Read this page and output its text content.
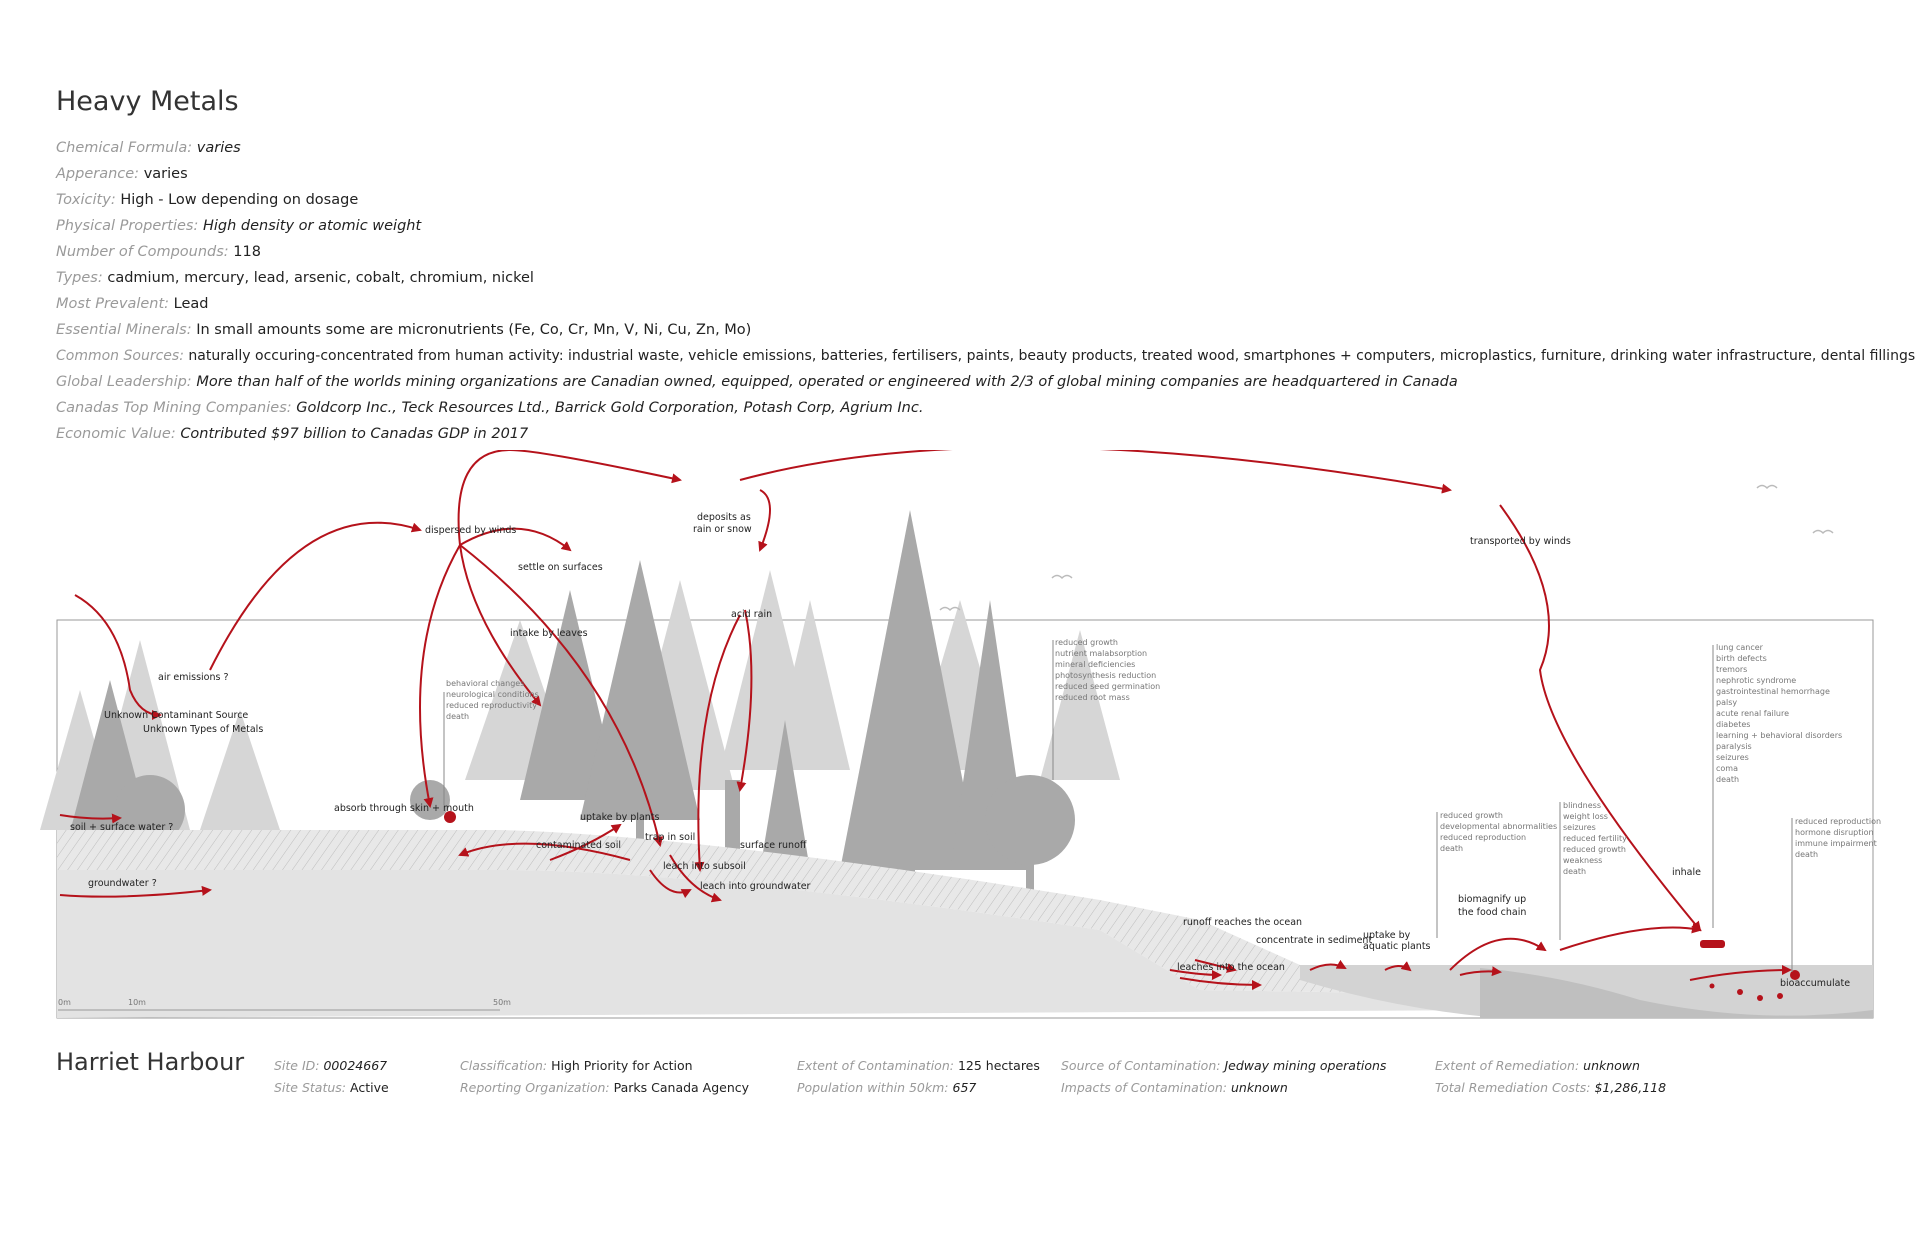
Heavy Metals
Chemical Formula: varies
Apperance: varies
Toxicity: High - Low depending on dosage
Physical Properties: High density or atomic weight
Number of Compounds: 118
Types: cadmium, mercury, lead, arsenic, cobalt, chromium, nickel
Most Prevalent: Lead
Essential Minerals: In small amounts some are micronutrients (Fe, Co, Cr, Mn, V, Ni, Cu, Zn, Mo)
Common Sources: naturally occuring-concentrated from human activity: industrial waste, vehicle emissions, batteries, fertilisers, paints, beauty products, treated wood, smartphones + computers, microplastics, furniture, drinking water infrastructure, dental fillings
Global Leadership: More than half of the worlds mining organizations are Canadian owned, equipped, operated or engineered with 2/3 of global mining companies are headquartered in Canada
Canadas Top Mining Companies: Goldcorp Inc., Teck Resources Ltd., Barrick Gold Corporation, Potash Corp, Agrium Inc.
Economic Value: Contributed $97 billion to Canadas GDP in 2017
dispersed by winds
deposits as
rain or snow
transported by winds
settle on surfaces
acid rain
intake by leaves
air emissions ?
Unknown Contaminant Source
Unknown Types of Metals
absorb through skin + mouth
soil + surface water ?
uptake by plants
contaminated soil
trap in soil
surface runoff
groundwater ?
leach into subsoil
leach into groundwater
runoff reaches the ocean
concentrate in sediment
uptake by
aquatic plants
leaches into the ocean
biomagnify up
the food chain
inhale
bioaccumulate
0m	10m	50m
behavioral changes
neurological conditions
reduced reproductivity
death
reduced growth
nutrient malabsorption
mineral deficiencies
photosynthesis reduction
reduced seed germination
reduced root mass
reduced growth
developmental abnormalities
reduced reproduction
death
blindness
weight loss
seizures
reduced fertility
reduced growth
weakness
death
lung cancer
birth defects
tremors
nephrotic syndrome
gastrointestinal hemorrhage
palsy
acute renal failure
diabetes
learning + behavioral disorders
paralysis
seizures
coma
death
reduced reproduction
hormone disruption
immune impairment
death
Harriet Harbour Site ID: 00024667
Site Status: Active
Classification: High Priority for Action
Reporting Organization: Parks Canada Agency
Extent of Contamination: 125 hectares
Population within 50km: 657
Source of Contamination: Jedway mining operations
Impacts of Contamination: unknown
Extent of Remediation: unknown
Total Remediation Costs: $1,286,118
